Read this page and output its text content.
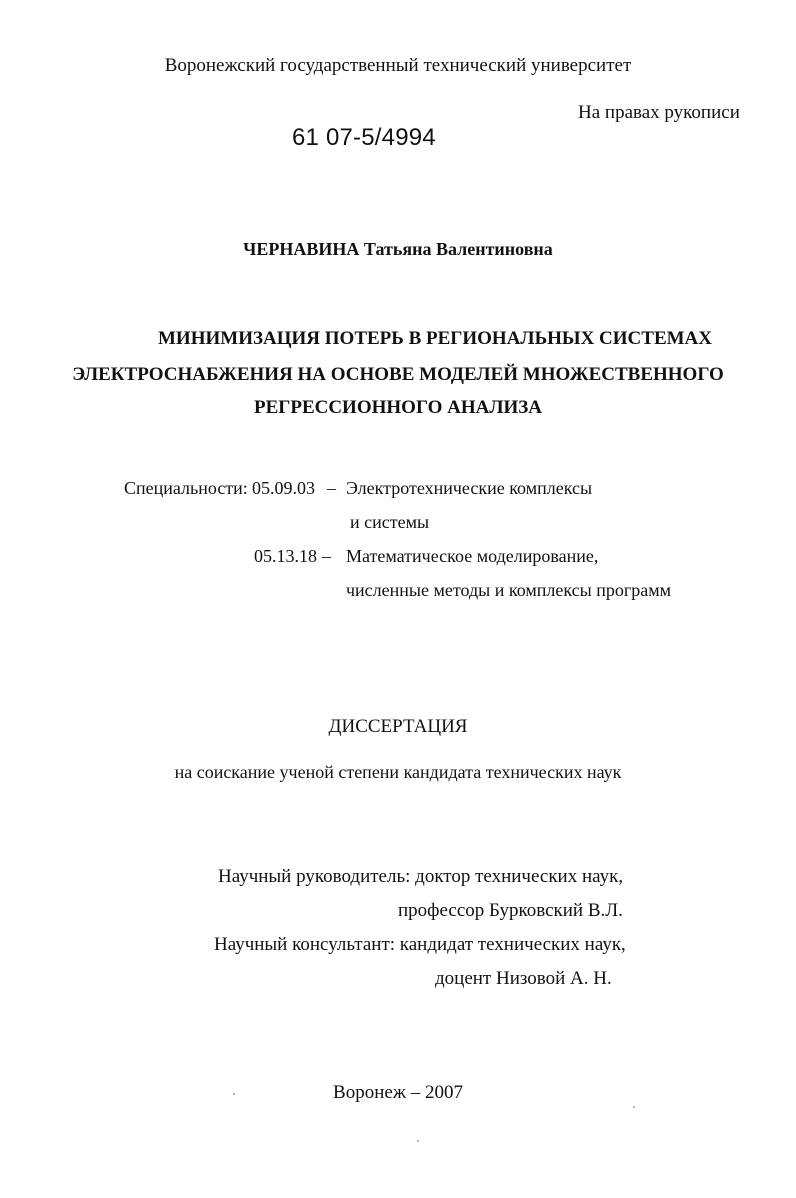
Воронежский государственный технический университет
На правах рукописи
61 07-5/4994
ЧЕРНАВИНА Татьяна Валентиновна
МИНИМИЗАЦИЯ ПОТЕРЬ В РЕГИОНАЛЬНЫХ СИСТЕМАХ
ЭЛЕКТРОСНАБЖЕНИЯ НА ОСНОВЕ МОДЕЛЕЙ МНОЖЕСТВЕННОГО
РЕГРЕССИОННОГО АНАЛИЗА
Специальности: 05.09.03 – Электротехнические комплексы
и системы
05.13.18 – Математическое моделирование,
численные методы и комплексы программ
ДИССЕРТАЦИЯ
на соискание ученой степени кандидата технических наук
Научный руководитель: доктор технических наук,
профессор Бурковский В.Л.
Научный консультант: кандидат технических наук,
доцент Низовой А. Н.
Воронеж – 2007
